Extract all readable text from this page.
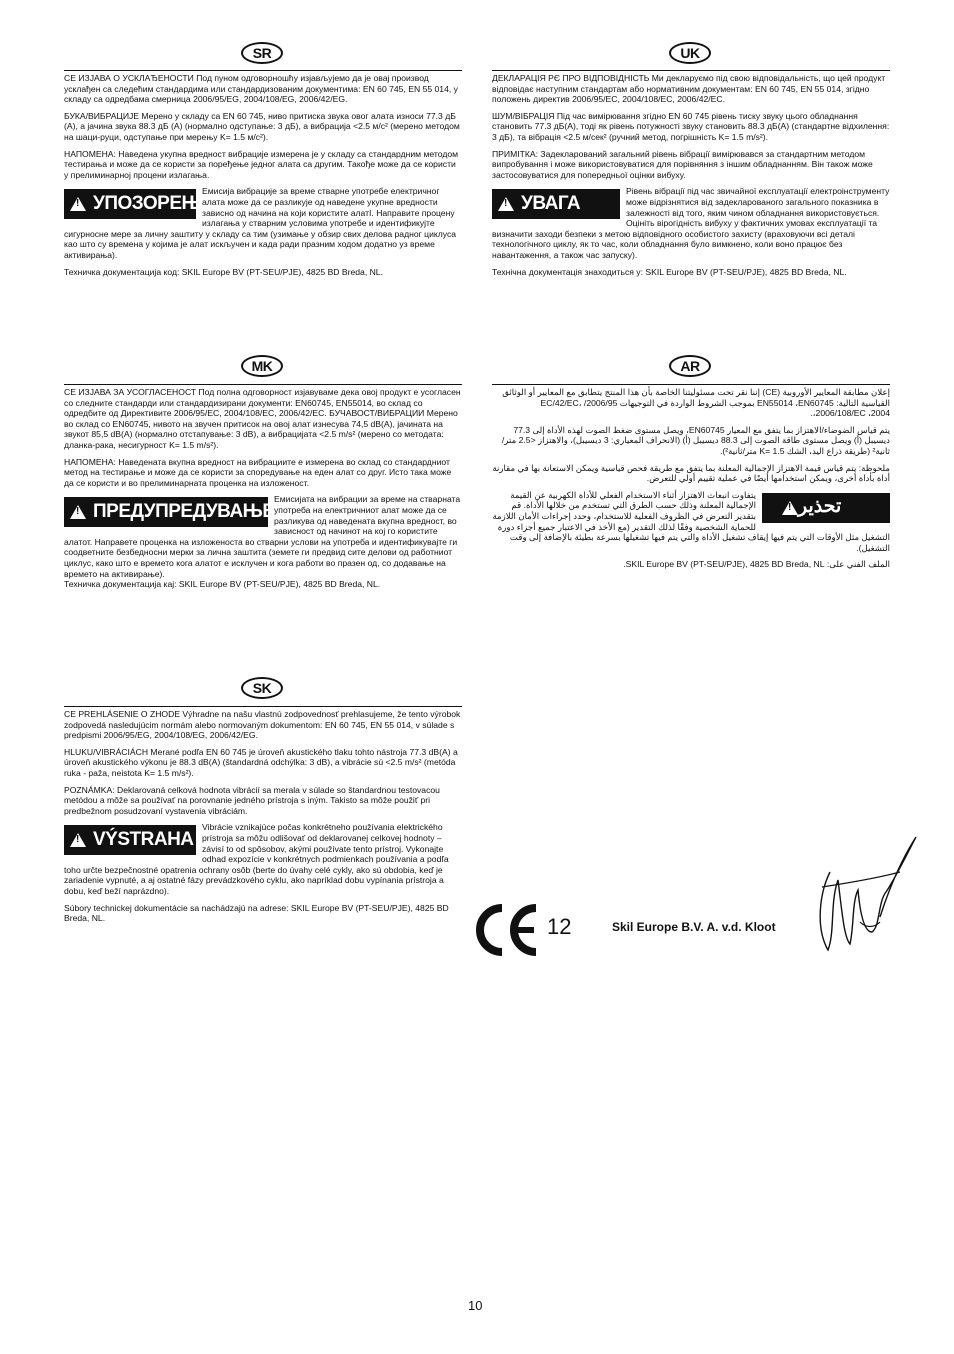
SR

СЕ ИЗЈАВА О УСКЛАЂЕНОСТИ Под пуном одговорношћу изјављујемо да је овај производ усклађен са следећим стандардима или стандардизованим документима: EN 60 745, EN 55 014, у складу са одредбама смерница 2006/95/EG, 2004/108/EG, 2006/42/EG.

БУКА/ВИБРАЦИЈЕ Мерено у складу са EN 60 745, ниво притиска звука овог алата износи 77.3 дБ (A), а јачина звука 88.3 дБ (A) (нормално одступање: 3 дБ), а вибрација <2.5 м/с² (мерено методом на шаци-руци, одступање при мерењу K= 1.5 м/с²).

НАПОМЕНА: Наведена укупна вредност вибрације измерена је у складу са стандардним методом тестирања и може да се користи за поређење једног алата са другим. Такође може да се користи у прелиминарној процени излагања.

!
УПОЗОРЕЊЕ
Емисија вибрације за време стварне употребе електричног алата може да се разликује од наведене укупне вредности зависно од начина на који користите алатI. Направите процену излагања у стварним условима употребе и идентификујте сигурносне мере за личну заштиту у складу са тим (узимање у обзир свих делова радног циклуса као што су времена у којима је алат искључен и када ради празним ходом додатно уз време активирања).

Техничка документација код: SKIL Europe BV (PT-SEU/PJE), 4825 BD Breda, NL.

UK

ДЕКЛАРАЦІЯ РЄ ПРО ВІДПОВІДНІСТЬ Ми декларуємо під свою відповідальність, що цей продукт відповідає наступним стандартам або нормативним документам: EN 60 745, EN 55 014, згідно положень директив 2006/95/EC, 2004/108/EC, 2006/42/EC.

ШУМ/ВІБРАЦІЯ Під час вимірювання згідно EN 60 745 рівень тиску звуку цього обладнання становить 77.3 дБ(A), тоді як рівень потужності звуку становить 88.3 дБ(A) (стандартне відхилення: 3 дБ), та вібрація <2.5 м/сек² (ручний метод, погрішність K= 1.5 m/s²).

ПРИМІТКА: Задекларований загальний рівень вібрації вимірювався за стандартним методом випробування і може використовуватися для порівняння з іншим обладнанням. Він також може застосовуватися для попередньої оцінки вибуху.

!
УВАГА
Рівень вібрації під час звичайної експлуатації електроінструменту може відрізнятися від задекларованого загального показника в залежності від того, яким чином обладнання використовується. Оцініть вірогідність вибуху у фактичних умовах експлуатації та визначити заходи безпеки з метою відповідного особистого захисту (враховуючи всі деталі технологічного циклу, як то час, коли обладнання було вимкнено, коли воно працює без навантаження, а також час запуску).

Технічна документація знаходиться у: SKIL Europe BV (PT-SEU/PJE), 4825 BD Breda, NL.

MK

СЕ ИЗЈАВА ЗА УСОГЛАСЕНОСТ Под полна одговорност изјавуваме дека овој продукт е усогласен со следните стандарди или стандардизирани документи: EN60745, EN55014, во склад со одредбите од Директивите 2006/95/EC, 2004/108/EC, 2006/42/EC. БУЧАВОСТ/ВИБРАЦИИ Мерено во склад со EN60745, нивото на звучен притисок на овој алат изнесува 74,5 dB(A), јачината на звукот 85,5 dB(A) (нормално отстапување: 3 dB), а вибрацијата <2.5 m/s² (мерено со методата: дланка-рака, несигурност K= 1.5 m/s²).

НАПОМЕНА: Наведената вкупна вредност на вибрациите е измерена во склад со стандардниот метод на тестирање и може да се користи за споредување на еден алат со друг. Исто така може да се користи и во прелиминарната проценка на изложеност.

!
ПРЕДУПРЕДУВАЊЕ
Емисијата на вибрации за време на стварната употреба на електричниот алат може да се разликува од наведената вкупна вредност, во зависност од начинот на кој го користите алатот. Направете проценка на изложеноста во стварни услови на употреба и идентификувајте ги соодветните безбедносни мерки за лична заштита (земете ги предвид сите делови од работниот циклус, како што е времето кога алатот е исклучен и кога работи во празен од, со додавање на времето на активирање).

Техничка документација кај: SKIL Europe BV (PT-SEU/PJE), 4825 BD Breda, NL.

AR

إعلان مطابقة المعايير الأوروبية (CE) إننا نقر تحت مسئوليتنا الخاصة بأن هذا المنتج يتطابق مع المعايير أو الوثائق القياسية التالية: EN55014 ،EN60745 بموجب الشروط الواردة في التوجيهات 2006/95/ ،EC/42/EC ،2006/108/EC ،2004.

يتم قياس الضوضاء/الاهتزاز بما يتفق مع المعيار EN60745، ويصل مستوى ضغط الصوت لهذه الأداة إلى 77.3 ديسيبل (أ) ويصل مستوى طاقة الصوت إلى 88.3 ديسيبل (أ) (الانحراف المعياري: 3 ديسيبل)، والاهتزاز <2.5 متر/ثانية² (طريقة ذراع اليد، الشك K= 1.5 متر/ثانية²).

ملحوظة: يتم قياس قيمة الاهتزاز الإجمالية المعلنة بما يتفق مع طريقة فحص قياسية ويمكن الاستعانة بها في مقارنة أداة بأداة أخرى، ويمكن استخدامها أيضًا في عملية تقييم أولي للتعرض.

!
تحذير
يتفاوت انبعاث الاهتزاز أثناء الاستخدام الفعلي للأداة الكهربية عن القيمة الإجمالية المعلنة وذلك حسب الطرق التي تستخدم من خلالها الأداة. قم بتقدير التعرض في الظروف الفعلية للاستخدام، وحدد إجراءات الأمان اللازمة للحماية الشخصية وفقًا لذلك التقدير (مع الأخذ في الاعتبار جميع أجزاء دورة التشغيل مثل الأوقات التي يتم فيها إيقاف تشغيل الأداة والتي يتم فيها تشغيلها بسرعة بطيئة بالإضافة إلى وقت التشغيل).

الملف الفني على: SKIL Europe BV (PT-SEU/PJE), 4825 BD Breda, NL.

SK

CE PREHLÁSENIE O ZHODE Výhradne na našu vlastnú zodpovednosť prehlasujeme, že tento výrobok zodpovedá nasledujúcim normám alebo normovaným dokumentom: EN 60 745, EN 55 014, v súlade s predpismi 2006/95/EG, 2004/108/EG, 2006/42/EG.

HLUKU/VIBRÁCIÁCH Merané podľa EN 60 745 je úroveň akustického tlaku tohto nástroja 77.3 dB(A) a úroveň akustického výkonu je 88.3 dB(A) (štandardná odchýlka: 3 dB), a vibrácie sú <2.5 m/s² (metóda ruka - paža, neistota K= 1.5 m/s²).

POZNÁMKA: Deklarovaná celková hodnota vibrácií sa merala v súlade so štandardnou testovacou metódou a môže sa používať na porovnanie jedného prístroja s iným. Takisto sa môže použiť pri predbežnom posudzovaní vystavenia vibráciám.

!
VÝSTRAHA
Vibrácie vznikajúce počas konkrétneho používania elektrického prístroja sa môžu odlišovať od deklarovanej celkovej hodnoty – závisí to od spôsobov, akými používate tento prístroj. Vykonajte odhad expozície v konkrétnych podmienkach používania a podľa toho určte bezpečnostné opatrenia ochrany osôb (berte do úvahy celé cykly, ako sú obdobia, keď je zariadenie vypnuté, a aj ostatné fázy prevádzkového cyklu, ako napríklad dobu vypínania prístroja a dobu, keď beží naprázdno).

Súbory technickej dokumentácie sa nachádzajú na adrese: SKIL Europe BV (PT-SEU/PJE), 4825 BD Breda, NL.	12	Skil Europe B.V. A. v.d. Kloot
10
